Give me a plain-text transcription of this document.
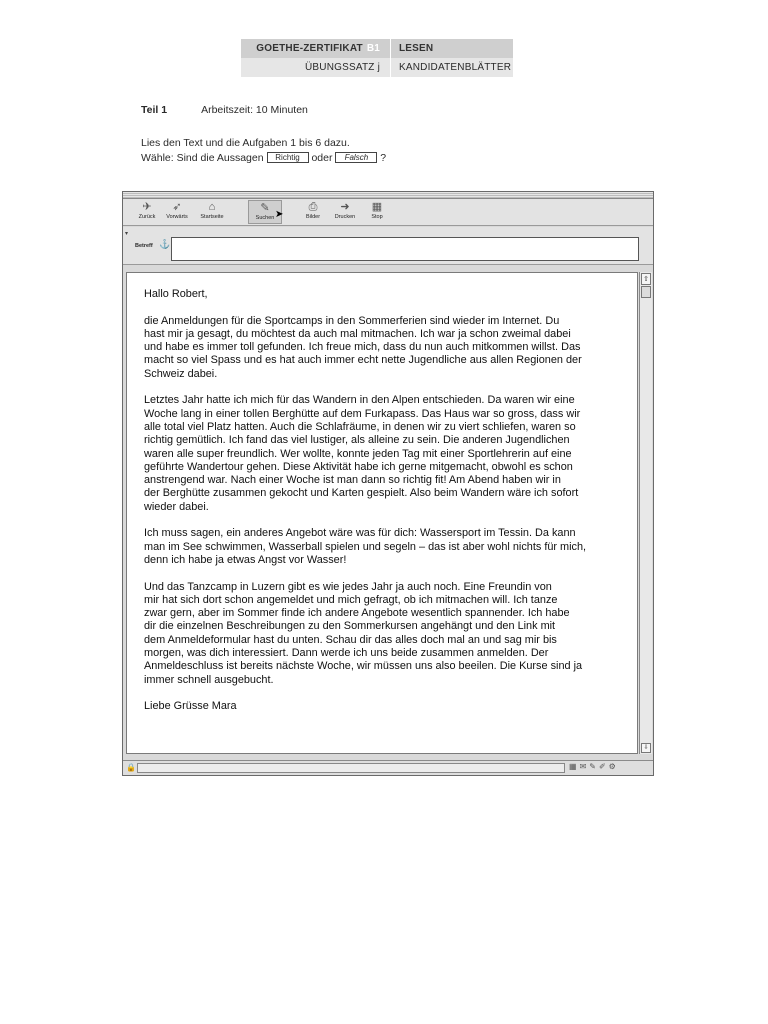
GOETHE-ZERTIFIKAT B1	LESEN
ÜBUNGSSATZ j	KANDIDATENBLÄTTER
Teil 1	Arbeitszeit: 10 Minuten
Lies den Text und die Aufgaben 1 bis 6 dazu.
Wähle: Sind die Aussagen Richtig oder Falsch ?
✈
Zurück
➶
Vorwärts
⌂
Startseite
✎
Suchen ➤
⎙
Bilder
➜
Drucken
▦
Stop
▾
Betreff ⚓

Hallo Robert,

die Anmeldungen für die Sportcamps in den Sommerferien sind wieder im Internet. Du
hast mir ja gesagt, du möchtest da auch mal mitmachen. Ich war ja schon zweimal dabei
und habe es immer toll gefunden. Ich freue mich, dass du nun auch mitkommen willst. Das
macht so viel Spass und es hat auch immer echt nette Jugendliche aus allen Regionen der
Schweiz dabei.

Letztes Jahr hatte ich mich für das Wandern in den Alpen entschieden. Da waren wir eine
Woche lang in einer tollen Berghütte auf dem Furkapass. Das Haus war so gross, dass wir
alle total viel Platz hatten. Auch die Schlafräume, in denen wir zu viert schliefen, waren so
richtig gemütlich. Ich fand das viel lustiger, als alleine zu sein. Die anderen Jugendlichen
waren alle super freundlich. Wer wollte, konnte jeden Tag mit einer Sportlehrerin auf eine
geführte Wandertour gehen. Diese Aktivität habe ich gerne mitgemacht, obwohl es schon
anstrengend war. Nach einer Woche ist man dann so richtig fit! Am Abend haben wir in
der Berghütte zusammen gekocht und Karten gespielt. Also beim Wandern wäre ich sofort
wieder dabei.

Ich muss sagen, ein anderes Angebot wäre was für dich: Wassersport im Tessin. Da kann
man im See schwimmen, Wasserball spielen und segeln – das ist aber wohl nichts für mich,
denn ich habe ja etwas Angst vor Wasser!

Und das Tanzcamp in Luzern gibt es wie jedes Jahr ja auch noch. Eine Freundin von
mir hat sich dort schon angemeldet und mich gefragt, ob ich mitmachen will. Ich tanze
zwar gern, aber im Sommer finde ich andere Angebote wesentlich spannender. Ich habe
dir die einzelnen Beschreibungen zu den Sommerkursen angehängt und den Link mit
dem Anmeldeformular hast du unten. Schau dir das alles doch mal an und sag mir bis
morgen, was dich interessiert. Dann werde ich uns beide zusammen anmelden. Der
Anmeldeschluss ist bereits nächste Woche, wir müssen uns also beeilen. Die Kurse sind ja
immer schnell ausgebucht.

Liebe Grüsse Mara

⇧
⇩
🔒	▦✉✎✐⚙
